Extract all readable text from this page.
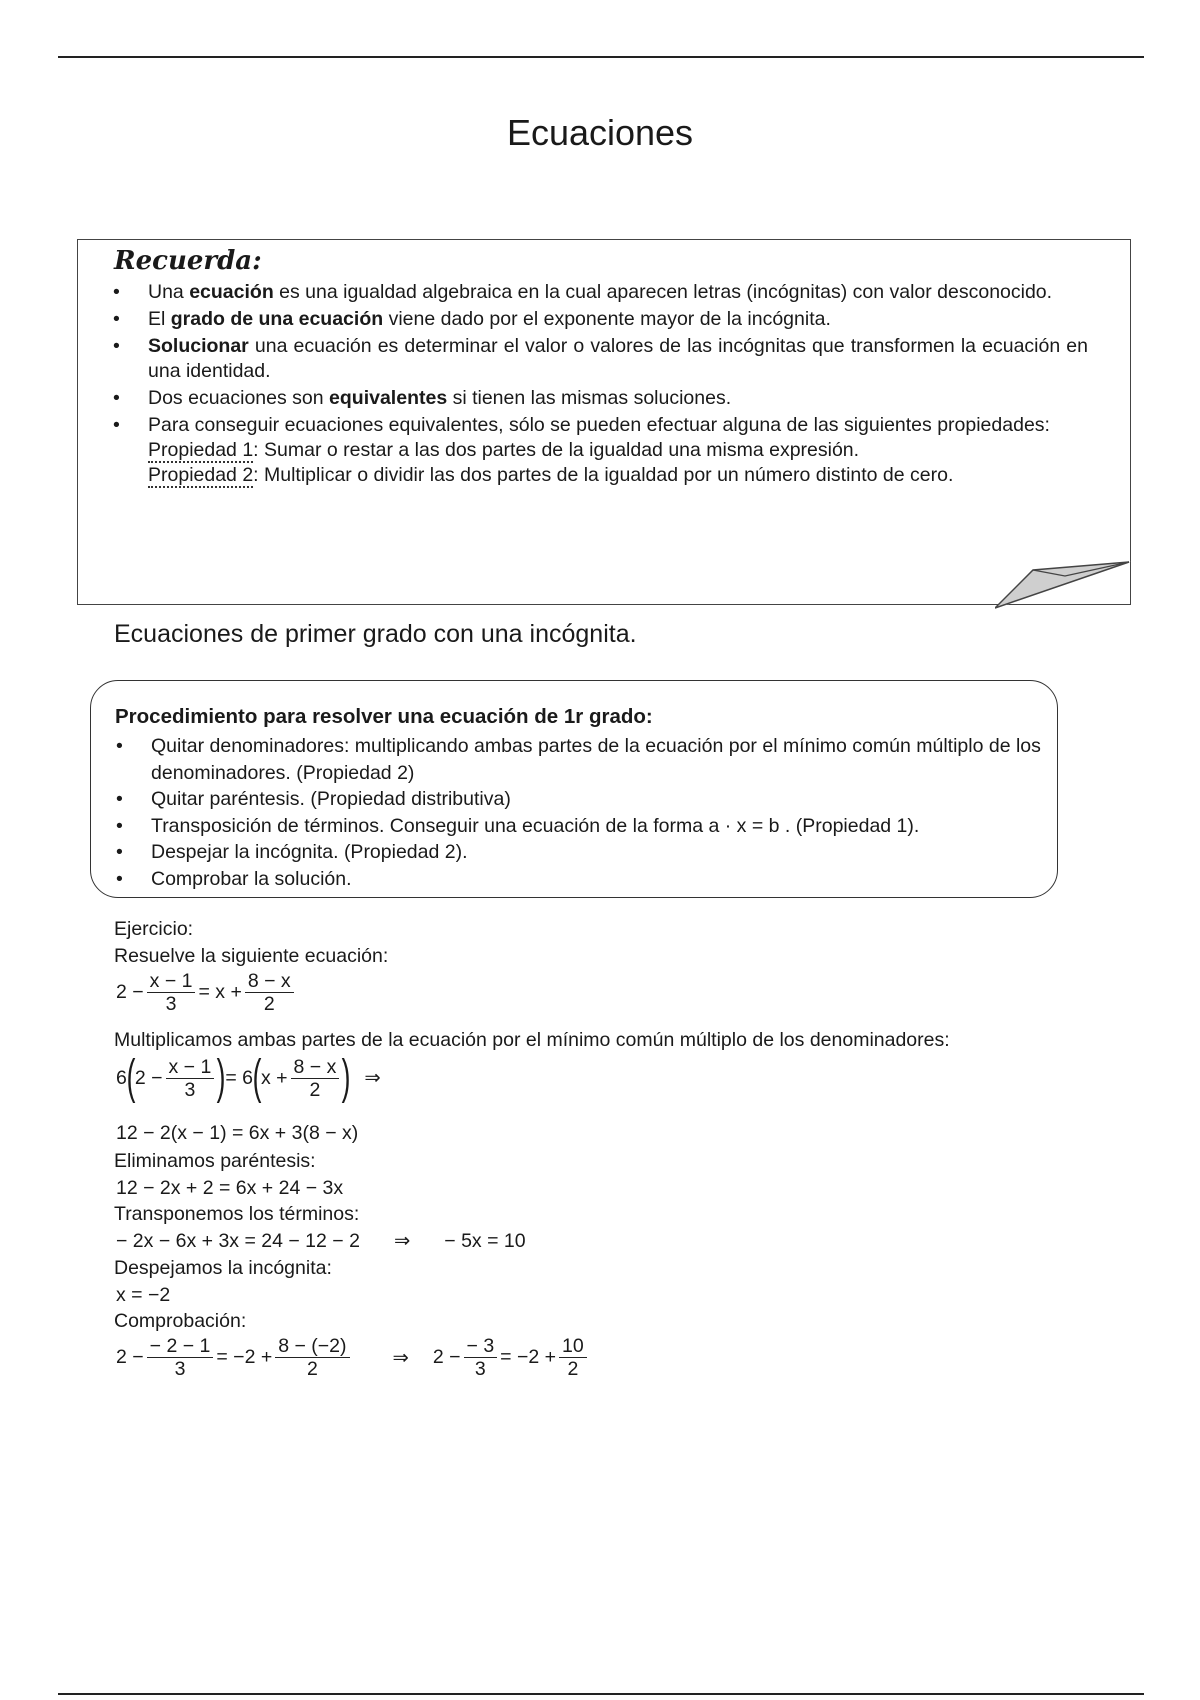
Ecuaciones
Recuerda:
• Una ecuación es una igualdad algebraica en la cual aparecen letras (incógnitas) con valor desconocido.
• El grado de una ecuación viene dado por el exponente mayor de la incógnita.
• Solucionar una ecuación es determinar el valor o valores de las incógnitas que transformen la ecuación en una identidad.
• Dos ecuaciones son equivalentes si tienen las mismas soluciones.
• Para conseguir ecuaciones equivalentes, sólo se pueden efectuar alguna de las siguientes propiedades:
Propiedad 1: Sumar o restar a las dos partes de la igualdad una misma expresión.
Propiedad 2: Multiplicar o dividir las dos partes de la igualdad por un número distinto de cero.
Ecuaciones de primer grado con una incógnita.
Procedimiento para resolver una ecuación de 1r grado:
• Quitar denominadores: multiplicando ambas partes de la ecuación por el mínimo común múltiplo de los denominadores. (Propiedad 2)
• Quitar paréntesis. (Propiedad distributiva)
• Transposición de términos. Conseguir una ecuación de la forma a · x = b . (Propiedad 1).
• Despejar la incógnita. (Propiedad 2).
• Comprobar la solución.
Ejercicio:
Resuelve la siguiente ecuación:
$2 - \frac{x - 1}{3} = x + \frac{8 - x}{2}$
Multiplicamos ambas partes de la ecuación por el mínimo común múltiplo de los denominadores:
6 ( $2 - \frac{x - 1}{3}$ ) = 6 ( $x + \frac{8 - x}{2}$ ) ⇒
12 − 2(x − 1) = 6x + 3(8 − x)
Eliminamos paréntesis:
12 − 2x + 2 = 6x + 24 − 3x
Transponemos los términos:
− 2x − 6x + 3x = 24 − 12 − 2 ⇒ − 5x = 10
Despejamos la incógnita:
x = −2
Comprobación:
$2 - \frac{- 2 - 1}{3} = -2 + \frac{8 - (-2)}{2}$ ⇒ $2 - \frac{- 3}{3} = -2 + \frac{10}{2}$
